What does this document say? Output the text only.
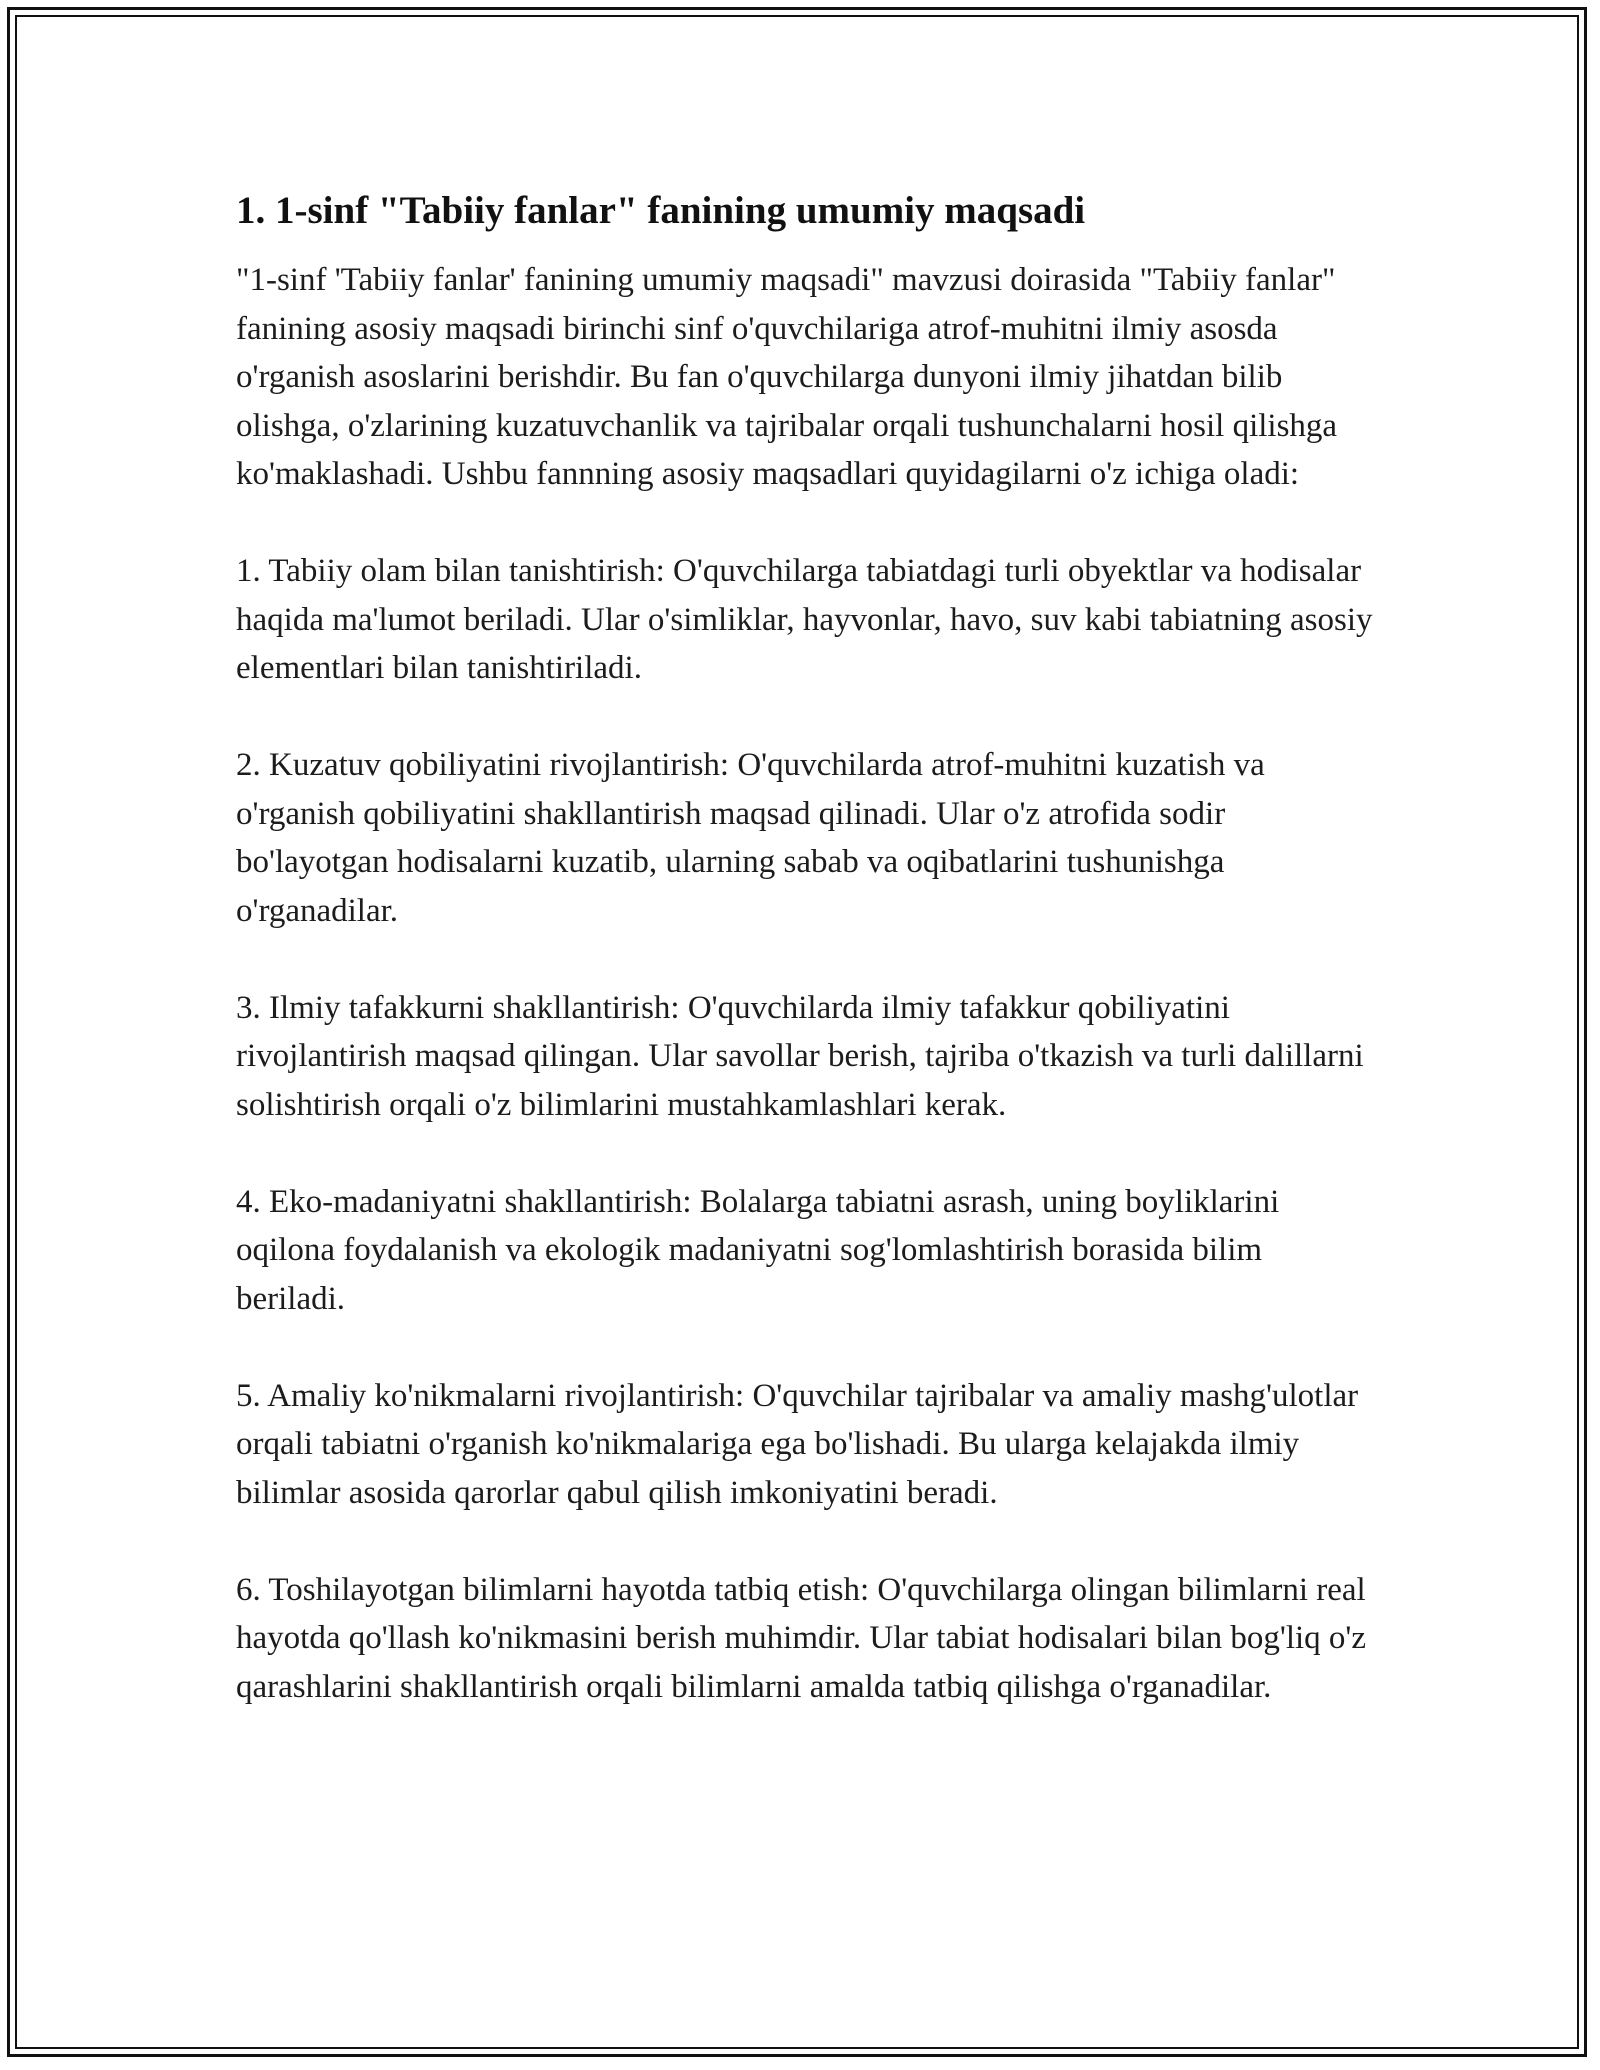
1. 1-sinf "Tabiiy fanlar" fanining umumiy maqsadi

"1-sinf 'Tabiiy fanlar' fanining umumiy maqsadi" mavzusi doirasida "Tabiiy fanlar" fanining asosiy maqsadi birinchi sinf o'quvchilariga atrof-muhitni ilmiy asosda o'rganish asoslarini berishdir. Bu fan o'quvchilarga dunyoni ilmiy jihatdan bilib olishga, o'zlarining kuzatuvchanlik va tajribalar orqali tushunchalarni hosil qilishga ko'maklashadi. Ushbu fannning asosiy maqsadlari quyidagilarni o'z ichiga oladi:

1. Tabiiy olam bilan tanishtirish: O'quvchilarga tabiatdagi turli obyektlar va hodisalar haqida ma'lumot beriladi. Ular o'simliklar, hayvonlar, havo, suv kabi tabiatning asosiy elementlari bilan tanishtiriladi.

2. Kuzatuv qobiliyatini rivojlantirish: O'quvchilarda atrof-muhitni kuzatish va o'rganish qobiliyatini shakllantirish maqsad qilinadi. Ular o'z atrofida sodir bo'layotgan hodisalarni kuzatib, ularning sabab va oqibatlarini tushunishga o'rganadilar.

3. Ilmiy tafakkurni shakllantirish: O'quvchilarda ilmiy tafakkur qobiliyatini rivojlantirish maqsad qilingan. Ular savollar berish, tajriba o'tkazish va turli dalillarni solishtirish orqali o'z bilimlarini mustahkamlashlari kerak.

4. Eko-madaniyatni shakllantirish: Bolalarga tabiatni asrash, uning boyliklarini oqilona foydalanish va ekologik madaniyatni sog'lomlashtirish borasida bilim beriladi.

5. Amaliy ko'nikmalarni rivojlantirish: O'quvchilar tajribalar va amaliy mashg'ulotlar orqali tabiatni o'rganish ko'nikmalariga ega bo'lishadi. Bu ularga kelajakda ilmiy bilimlar asosida qarorlar qabul qilish imkoniyatini beradi.

6. Toshilayotgan bilimlarni hayotda tatbiq etish: O'quvchilarga olingan bilimlarni real hayotda qo'llash ko'nikmasini berish muhimdir. Ular tabiat hodisalari bilan bog'liq o'z qarashlarini shakllantirish orqali bilimlarni amalda tatbiq qilishga o'rganadilar.
